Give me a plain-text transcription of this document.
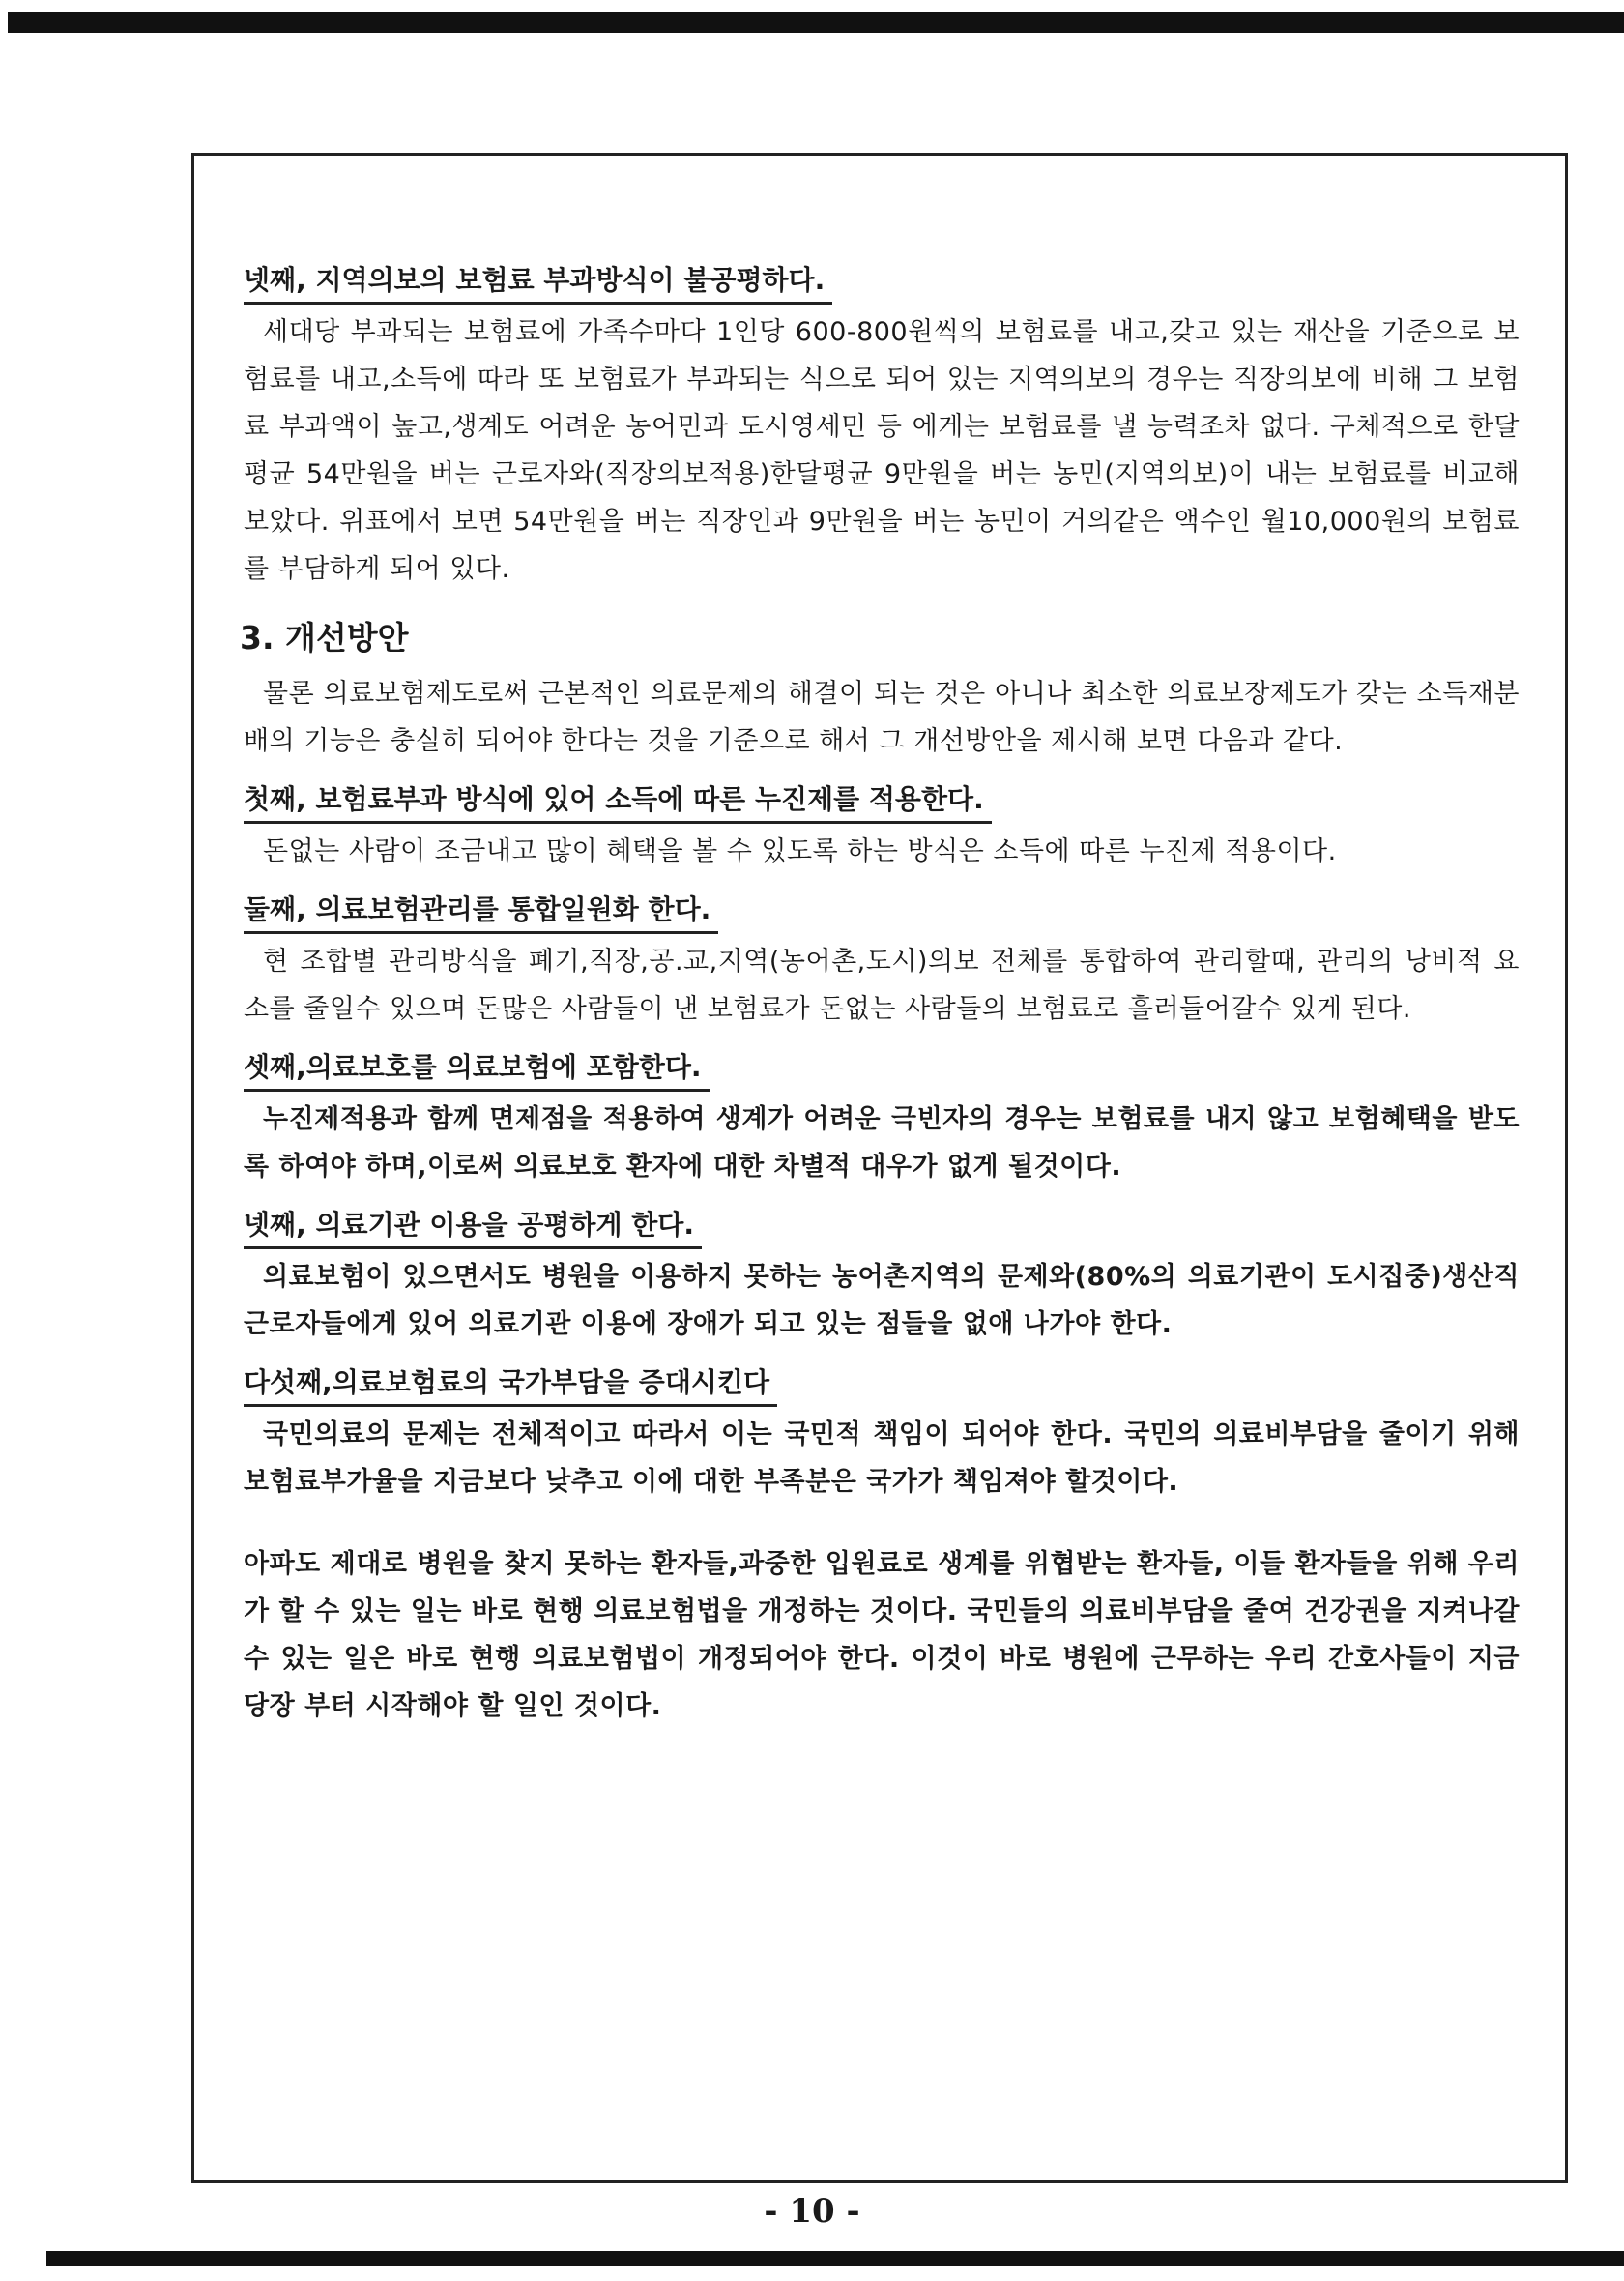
넷째, 지역의보의 보험료 부과방식이 불공평하다.

세대당 부과되는 보험료에 가족수마다 1인당 600-800원씩의 보험료를 내고,갖고 있는 재산을 기준으로 보험료를 내고,소득에 따라 또 보험료가 부과되는 식으로 되어 있는 지역의보의 경우는 직장의보에 비해 그 보험료 부과액이 높고,생계도 어려운 농어민과 도시영세민 등 에게는 보험료를 낼 능력조차 없다. 구체적으로 한달 평균 54만원을 버는 근로자와(직장의보적용)한달평균 9만원을 버는 농민(지역의보)이 내는 보험료를 비교해 보았다. 위표에서 보면 54만원을 버는 직장인과 9만원을 버는 농민이 거의같은 액수인 월10,000원의 보험료를 부담하게 되어 있다.

3. 개선방안

물론 의료보험제도로써 근본적인 의료문제의 해결이 되는 것은 아니나 최소한 의료보장제도가 갖는 소득재분배의 기능은 충실히 되어야 한다는 것을 기준으로 해서 그 개선방안을 제시해 보면 다음과 같다.

첫째, 보험료부과 방식에 있어 소득에 따른 누진제를 적용한다.

돈없는 사람이 조금내고 많이 혜택을 볼 수 있도록 하는 방식은 소득에 따른 누진제 적용이다.

둘째, 의료보험관리를 통합일원화 한다.

현 조합별 관리방식을 폐기,직장,공.교,지역(농어촌,도시)의보 전체를 통합하여 관리할때, 관리의 낭비적 요소를 줄일수 있으며 돈많은 사람들이 낸 보험료가 돈없는 사람들의 보험료로 흘러들어갈수 있게 된다.

셋째,의료보호를 의료보험에 포함한다.

누진제적용과 함께 면제점을 적용하여 생계가 어려운 극빈자의 경우는 보험료를 내지 않고 보험혜택을 받도록 하여야 하며,이로써 의료보호 환자에 대한 차별적 대우가 없게 될것이다.

넷째, 의료기관 이용을 공평하게 한다.

의료보험이 있으면서도 병원을 이용하지 못하는 농어촌지역의 문제와(80%의 의료기관이 도시집중)생산직 근로자들에게 있어 의료기관 이용에 장애가 되고 있는 점들을 없애 나가야 한다.

다섯째,의료보험료의 국가부담을 증대시킨다

국민의료의 문제는 전체적이고 따라서 이는 국민적 책임이 되어야 한다. 국민의 의료비부담을 줄이기 위해 보험료부가율을 지금보다 낮추고 이에 대한 부족분은 국가가 책임져야 할것이다.

아파도 제대로 병원을 찾지 못하는 환자들,과중한 입원료로 생계를 위협받는 환자들, 이들 환자들을 위해 우리가 할 수 있는 일는 바로 현행 의료보험법을 개정하는 것이다. 국민들의 의료비부담을 줄여 건강권을 지켜나갈 수 있는 일은 바로 현행 의료보험법이 개정되어야 한다. 이것이 바로 병원에 근무하는 우리 간호사들이 지금 당장 부터 시작해야 할 일인 것이다.

- 10 -
